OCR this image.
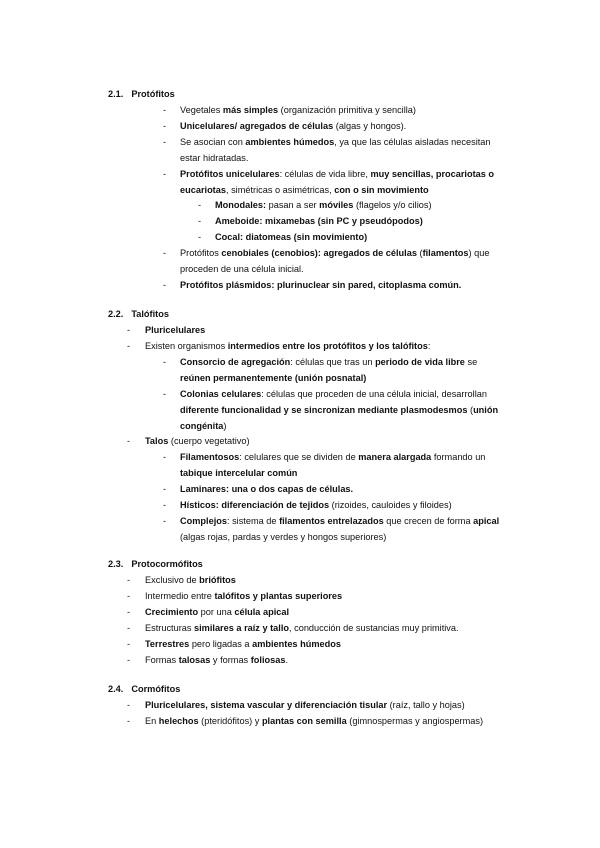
2.1. Protófitos
- Vegetales más simples (organización primitiva y sencilla)
- Unicelulares/ agregados de células (algas y hongos).
- Se asocian con ambientes húmedos, ya que las células aisladas necesitan
estar hidratadas.
- Protófitos unicelulares: células de vida libre, muy sencillas, procariotas o
eucariotas, simétricas o asimétricas, con o sin movimiento
- Monodales: pasan a ser móviles (flagelos y/o cilios)
- Ameboide: mixamebas (sin PC y pseudópodos)
- Cocal: diatomeas (sin movimiento)
- Protófitos cenobiales (cenobios): agregados de células (filamentos) que
proceden de una célula inicial.
- Protófitos plásmidos: plurinuclear sin pared, citoplasma común.
2.2. Talófitos
- Pluricelulares
- Existen organismos intermedios entre los protófitos y los talófitos:
- Consorcio de agregación: células que tras un periodo de vida libre se
reúnen permanentemente (unión posnatal)
- Colonias celulares: células que proceden de una célula inicial, desarrollan
diferente funcionalidad y se sincronizan mediante plasmodesmos (unión
congénita)
- Talos (cuerpo vegetativo)
- Filamentosos: celulares que se dividen de manera alargada formando un
tabique intercelular común
- Laminares: una o dos capas de células.
- Hísticos: diferenciación de tejidos (rizoides, cauloides y filoides)
- Complejos: sistema de filamentos entrelazados que crecen de forma apical
(algas rojas, pardas y verdes y hongos superiores)
2.3. Protocormófitos
- Exclusivo de briófitos
- Intermedio entre talófitos y plantas superiores
- Crecimiento por una célula apical
- Estructuras similares a raíz y tallo, conducción de sustancias muy primitiva.
- Terrestres pero ligadas a ambientes húmedos
- Formas talosas y formas foliosas.
2.4. Cormófitos
- Pluricelulares, sistema vascular y diferenciación tisular (raíz, tallo y hojas)
- En helechos (pteridófitos) y plantas con semilla (gimnospermas y angiospermas)
